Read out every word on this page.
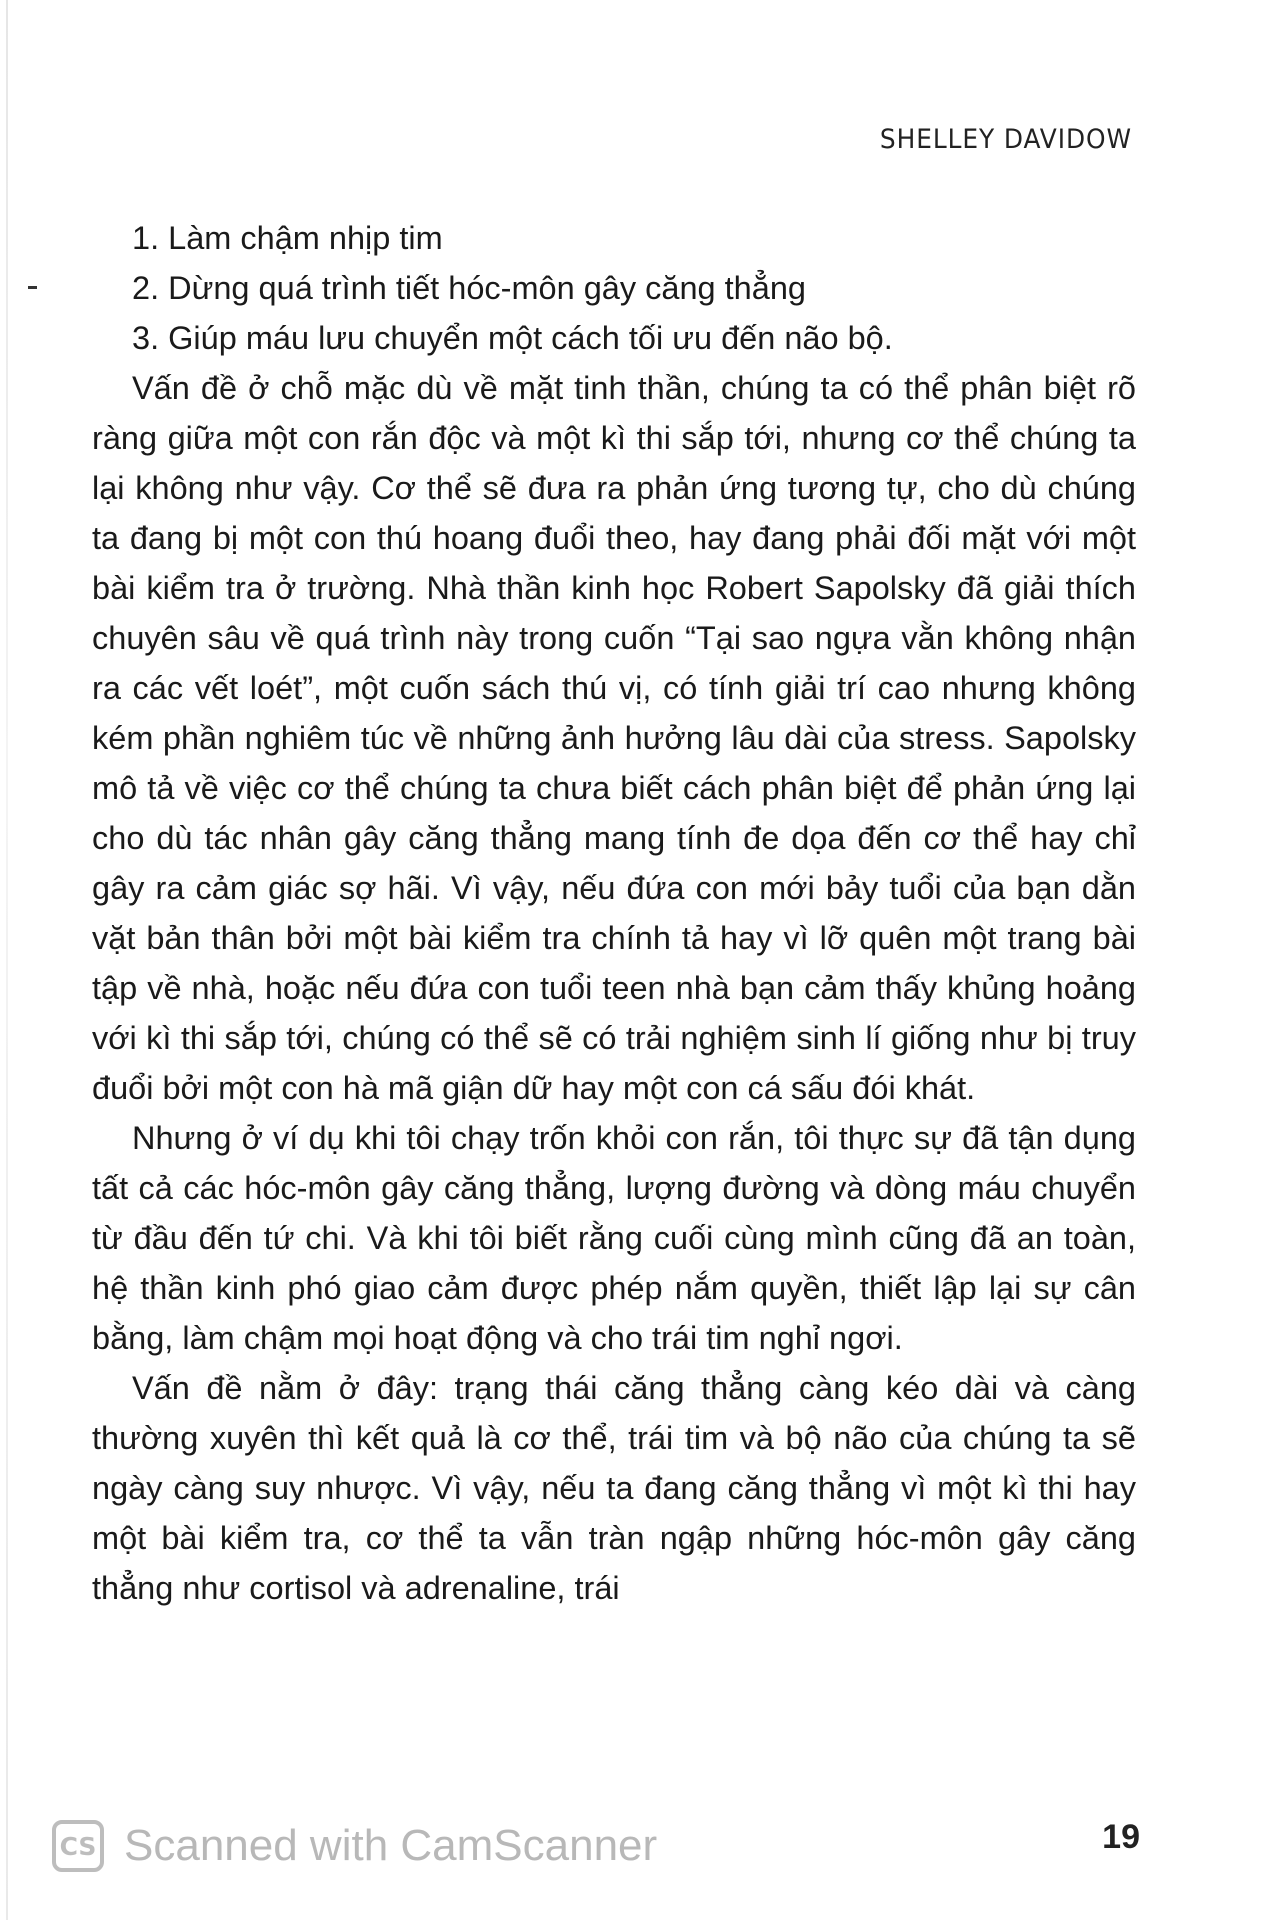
SHELLEY DAVIDOW

1. Làm chậm nhịp tim

2. Dừng quá trình tiết hóc-môn gây căng thẳng

3. Giúp máu lưu chuyển một cách tối ưu đến não bộ.

Vấn đề ở chỗ mặc dù về mặt tinh thần, chúng ta có thể phân biệt rõ ràng giữa một con rắn độc và một kì thi sắp tới, nhưng cơ thể chúng ta lại không như vậy. Cơ thể sẽ đưa ra phản ứng tương tự, cho dù chúng ta đang bị một con thú hoang đuổi theo, hay đang phải đối mặt với một bài kiểm tra ở trường. Nhà thần kinh học Robert Sapolsky đã giải thích chuyên sâu về quá trình này trong cuốn “Tại sao ngựa vằn không nhận ra các vết loét”, một cuốn sách thú vị, có tính giải trí cao nhưng không kém phần nghiêm túc về những ảnh hưởng lâu dài của stress. Sapolsky mô tả về việc cơ thể chúng ta chưa biết cách phân biệt để phản ứng lại cho dù tác nhân gây căng thẳng mang tính đe dọa đến cơ thể hay chỉ gây ra cảm giác sợ hãi. Vì vậy, nếu đứa con mới bảy tuổi của bạn dằn vặt bản thân bởi một bài kiểm tra chính tả hay vì lỡ quên một trang bài tập về nhà, hoặc nếu đứa con tuổi teen nhà bạn cảm thấy khủng hoảng với kì thi sắp tới, chúng có thể sẽ có trải nghiệm sinh lí giống như bị truy đuổi bởi một con hà mã giận dữ hay một con cá sấu đói khát.

Nhưng ở ví dụ khi tôi chạy trốn khỏi con rắn, tôi thực sự đã tận dụng tất cả các hóc-môn gây căng thẳng, lượng đường và dòng máu chuyển từ đầu đến tứ chi. Và khi tôi biết rằng cuối cùng mình cũng đã an toàn, hệ thần kinh phó giao cảm được phép nắm quyền, thiết lập lại sự cân bằng, làm chậm mọi hoạt động và cho trái tim nghỉ ngơi.

Vấn đề nằm ở đây: trạng thái căng thẳng càng kéo dài và càng thường xuyên thì kết quả là cơ thể, trái tim và bộ não của chúng ta sẽ ngày càng suy nhược. Vì vậy, nếu ta đang căng thẳng vì một kì thi hay một bài kiểm tra, cơ thể ta vẫn tràn ngập những hóc-môn gây căng thẳng như cortisol và adrenaline, trái

19
CS Scanned with CamScanner
